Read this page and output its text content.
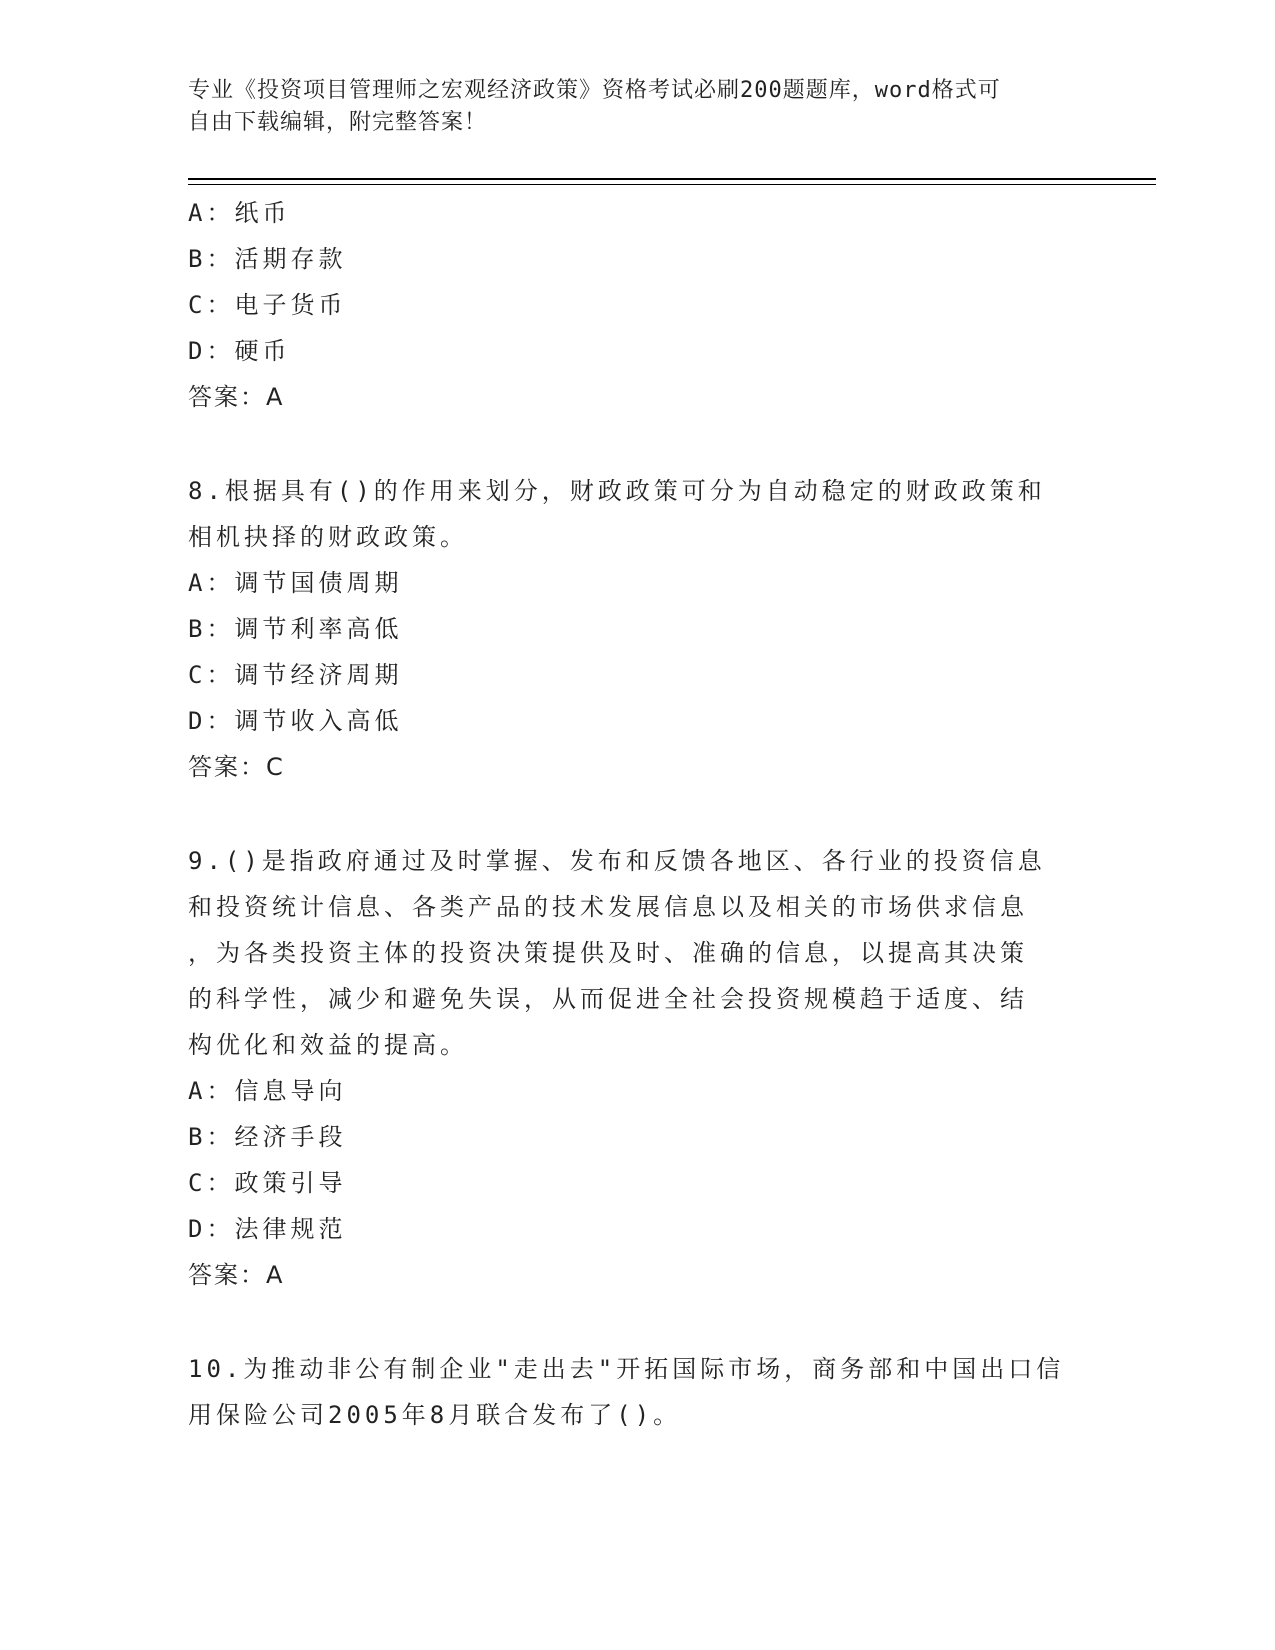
专业《投资项目管理师之宏观经济政策》资格考试必刷200题题库，word格式可
自由下载编辑，附完整答案！
A：纸币
B：活期存款
C：电子货币
D：硬币
答案：A
8.根据具有()的作用来划分，财政政策可分为自动稳定的财政政策和
相机抉择的财政政策。
A：调节国债周期
B：调节利率高低
C：调节经济周期
D：调节收入高低
答案：C
9.()是指政府通过及时掌握、发布和反馈各地区、各行业的投资信息
和投资统计信息、各类产品的技术发展信息以及相关的市场供求信息
，为各类投资主体的投资决策提供及时、准确的信息，以提高其决策
的科学性，减少和避免失误，从而促进全社会投资规模趋于适度、结
构优化和效益的提高。
A：信息导向
B：经济手段
C：政策引导
D：法律规范
答案：A
10.为推动非公有制企业"走出去"开拓国际市场，商务部和中国出口信
用保险公司2005年8月联合发布了()。
